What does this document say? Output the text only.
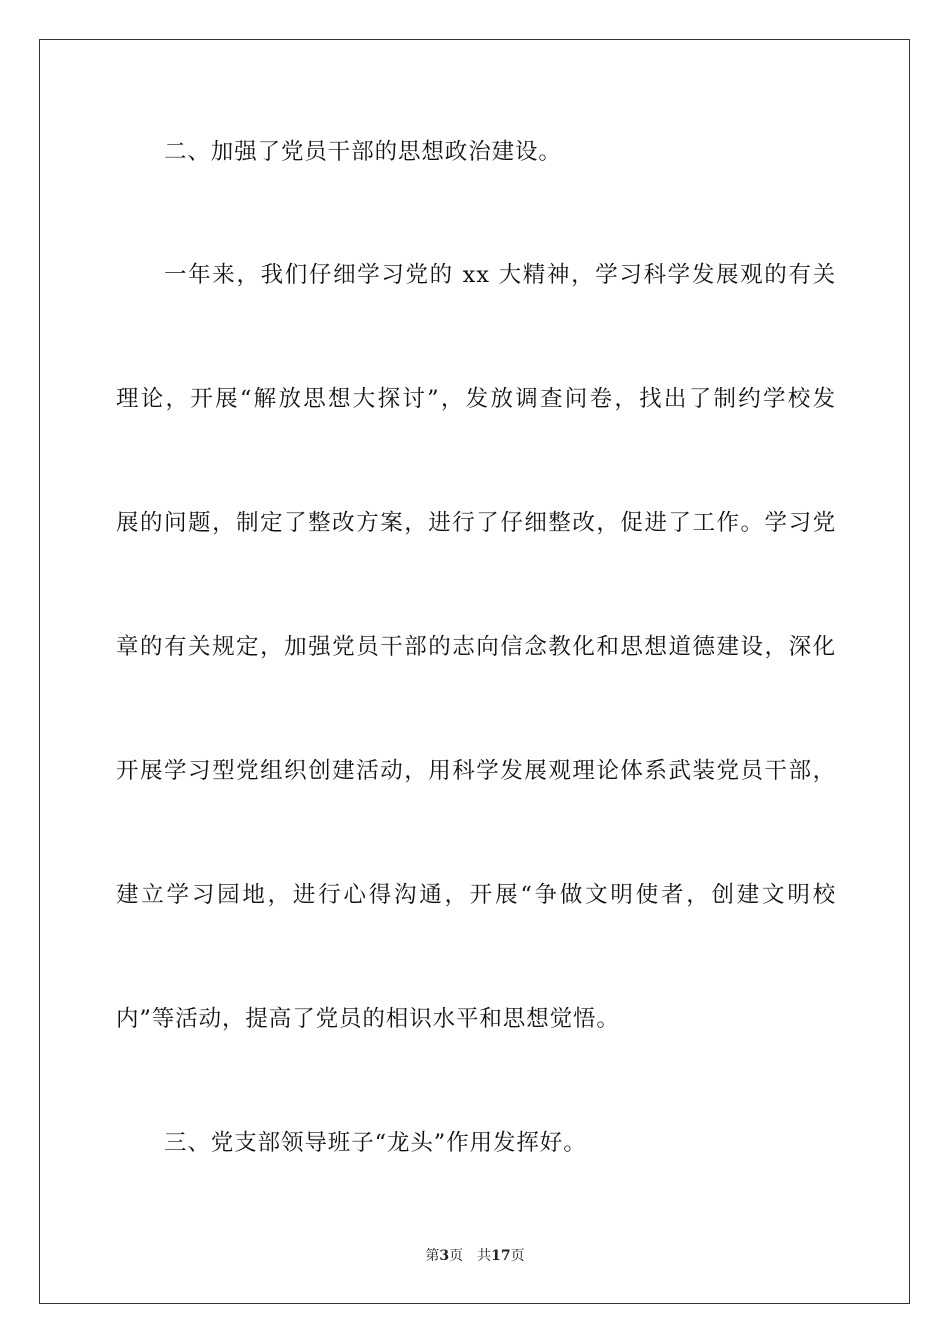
二、加强了党员干部的思想政治建设。
一年来，我们仔细学习党的 xx 大精神，学习科学发展观的有关
理论，开展“解放思想大探讨”，发放调查问卷，找出了制约学校发
展的问题，制定了整改方案，进行了仔细整改，促进了工作。学习党
章的有关规定，加强党员干部的志向信念教化和思想道德建设，深化
开展学习型党组织创建活动，用科学发展观理论体系武装党员干部，
建立学习园地，进行心得沟通，开展“争做文明使者，创建文明校
内”等活动，提高了党员的相识水平和思想觉悟。
三、党支部领导班子“龙头”作用发挥好。
第3页 共17页
